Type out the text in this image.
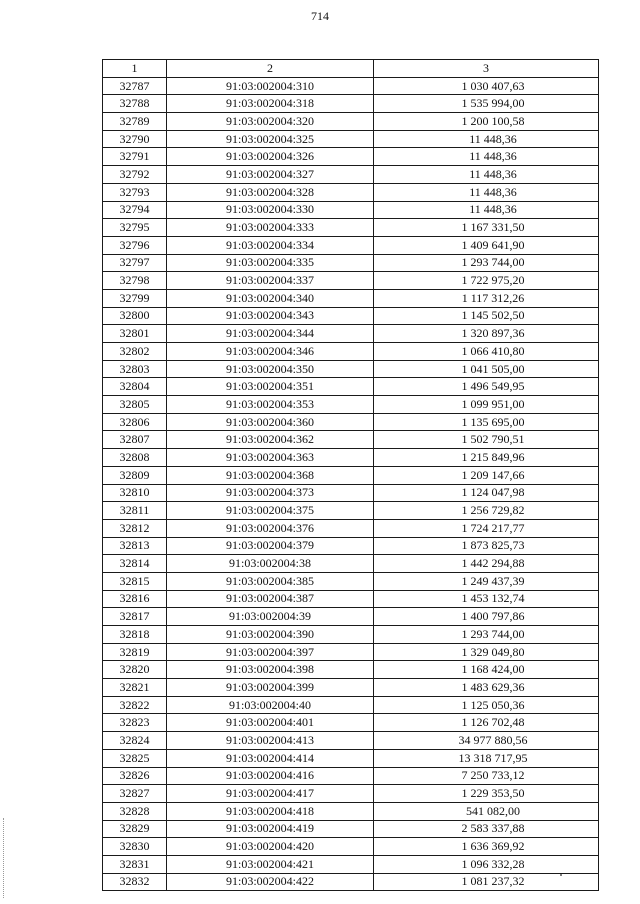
714
1	2	3
32787	91:03:002004:310	1 030 407,63
32788	91:03:002004:318	1 535 994,00
32789	91:03:002004:320	1 200 100,58
32790	91:03:002004:325	11 448,36
32791	91:03:002004:326	11 448,36
32792	91:03:002004:327	11 448,36
32793	91:03:002004:328	11 448,36
32794	91:03:002004:330	11 448,36
32795	91:03:002004:333	1 167 331,50
32796	91:03:002004:334	1 409 641,90
32797	91:03:002004:335	1 293 744,00
32798	91:03:002004:337	1 722 975,20
32799	91:03:002004:340	1 117 312,26
32800	91:03:002004:343	1 145 502,50
32801	91:03:002004:344	1 320 897,36
32802	91:03:002004:346	1 066 410,80
32803	91:03:002004:350	1 041 505,00
32804	91:03:002004:351	1 496 549,95
32805	91:03:002004:353	1 099 951,00
32806	91:03:002004:360	1 135 695,00
32807	91:03:002004:362	1 502 790,51
32808	91:03:002004:363	1 215 849,96
32809	91:03:002004:368	1 209 147,66
32810	91:03:002004:373	1 124 047,98
32811	91:03:002004:375	1 256 729,82
32812	91:03:002004:376	1 724 217,77
32813	91:03:002004:379	1 873 825,73
32814	91:03:002004:38	1 442 294,88
32815	91:03:002004:385	1 249 437,39
32816	91:03:002004:387	1 453 132,74
32817	91:03:002004:39	1 400 797,86
32818	91:03:002004:390	1 293 744,00
32819	91:03:002004:397	1 329 049,80
32820	91:03:002004:398	1 168 424,00
32821	91:03:002004:399	1 483 629,36
32822	91:03:002004:40	1 125 050,36
32823	91:03:002004:401	1 126 702,48
32824	91:03:002004:413	34 977 880,56
32825	91:03:002004:414	13 318 717,95
32826	91:03:002004:416	7 250 733,12
32827	91:03:002004:417	1 229 353,50
32828	91:03:002004:418	541 082,00
32829	91:03:002004:419	2 583 337,88
32830	91:03:002004:420	1 636 369,92
32831	91:03:002004:421	1 096 332,28
32832	91:03:002004:422	1 081 237,32
